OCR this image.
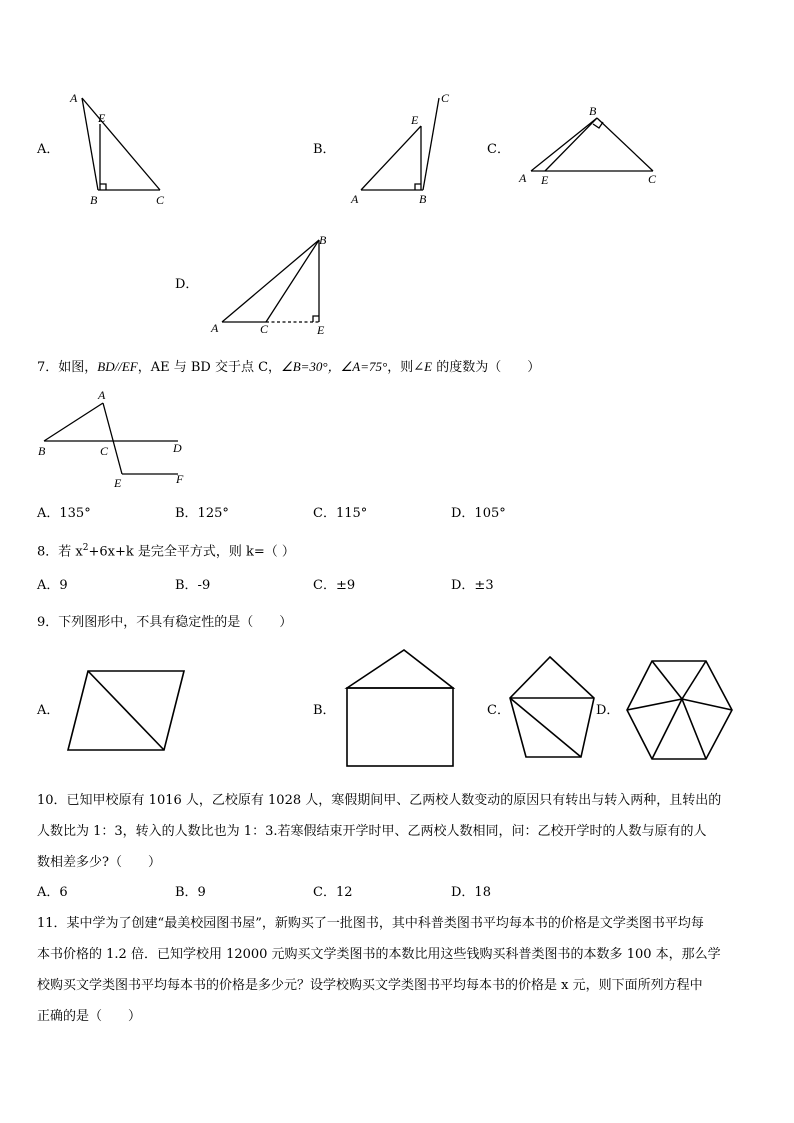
A．
A
E
B	C
B．
C
E
A	B
C．
B
A E	C
D．
B
A	C	E
7．如图，BD//EF，AE 与 BD 交于点 C，∠B=30°，∠A=75°，则∠E 的度数为（　　）
A
B	C	D
E	F
A．135°	B．125°	C．115°	D．105°
8．若 $x^2+6x+k$ 是完全平方式，则 k=（ ）
A．9	B．-9	C．±9	D．±3
9．下列图形中，不具有稳定性的是（　　）
A．	B．	C．	D．
10．已知甲校原有 1016 人，乙校原有 1028 人，寒假期间甲、乙两校人数变动的原因只有转出与转入两种，且转出的
人数比为 1：3，转入的人数比也为 1：3.若寒假结束开学时甲、乙两校人数相同，问：乙校开学时的人数与原有的人
数相差多少?（　　）
A．6	B．9	C．12	D．18
11．某中学为了创建“最美校园图书屋”，新购买了一批图书，其中科普类图书平均每本书的价格是文学类图书平均每
本书价格的 1.2 倍．已知学校用 12000 元购买文学类图书的本数比用这些钱购买科普类图书的本数多 100 本，那么学
校购买文学类图书平均每本书的价格是多少元？设学校购买文学类图书平均每本书的价格是 x 元，则下面所列方程中
正确的是（　　）
